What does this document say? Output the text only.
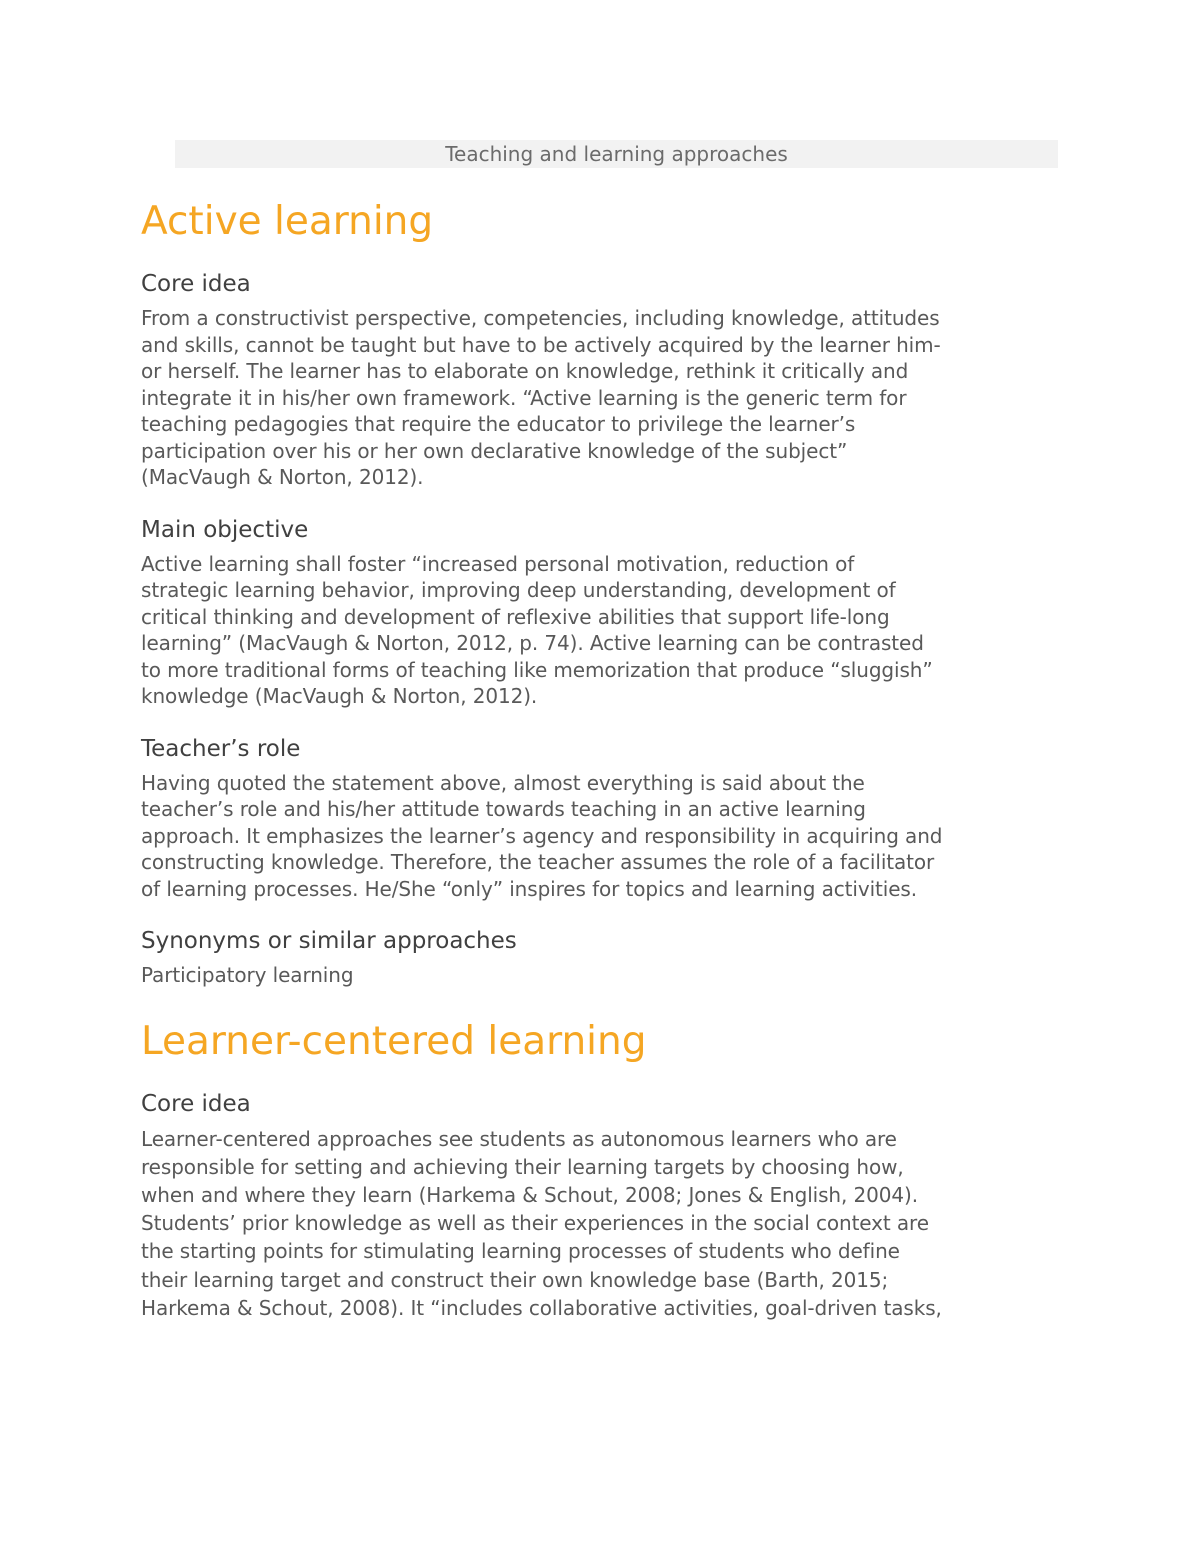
Teaching and learning approaches
Active learning
Core idea

From a constructivist perspective, competencies, including knowledge, attitudes
and skills, cannot be taught but have to be actively acquired by the learner him-
or herself. The learner has to elaborate on knowledge, rethink it critically and
integrate it in his/her own framework. “Active learning is the generic term for
teaching pedagogies that require the educator to privilege the learner’s
participation over his or her own declarative knowledge of the subject”
(MacVaugh & Norton, 2012).

Main objective

Active learning shall foster “increased personal motivation, reduction of
strategic learning behavior, improving deep understanding, development of
critical thinking and development of reflexive abilities that support life-long
learning” (MacVaugh & Norton, 2012, p. 74). Active learning can be contrasted
to more traditional forms of teaching like memorization that produce “sluggish”
knowledge (MacVaugh & Norton, 2012).

Teacher’s role

Having quoted the statement above, almost everything is said about the
teacher’s role and his/her attitude towards teaching in an active learning
approach. It emphasizes the learner’s agency and responsibility in acquiring and
constructing knowledge. Therefore, the teacher assumes the role of a facilitator
of learning processes. He/She “only” inspires for topics and learning activities.

Synonyms or similar approaches

Participatory learning

Learner-centered learning
Core idea

Learner-centered approaches see students as autonomous learners who are
responsible for setting and achieving their learning targets by choosing how,
when and where they learn (Harkema & Schout, 2008; Jones & English, 2004).
Students’ prior knowledge as well as their experiences in the social context are
the starting points for stimulating learning processes of students who define
their learning target and construct their own knowledge base (Barth, 2015;
Harkema & Schout, 2008). It “includes collaborative activities, goal-driven tasks,
